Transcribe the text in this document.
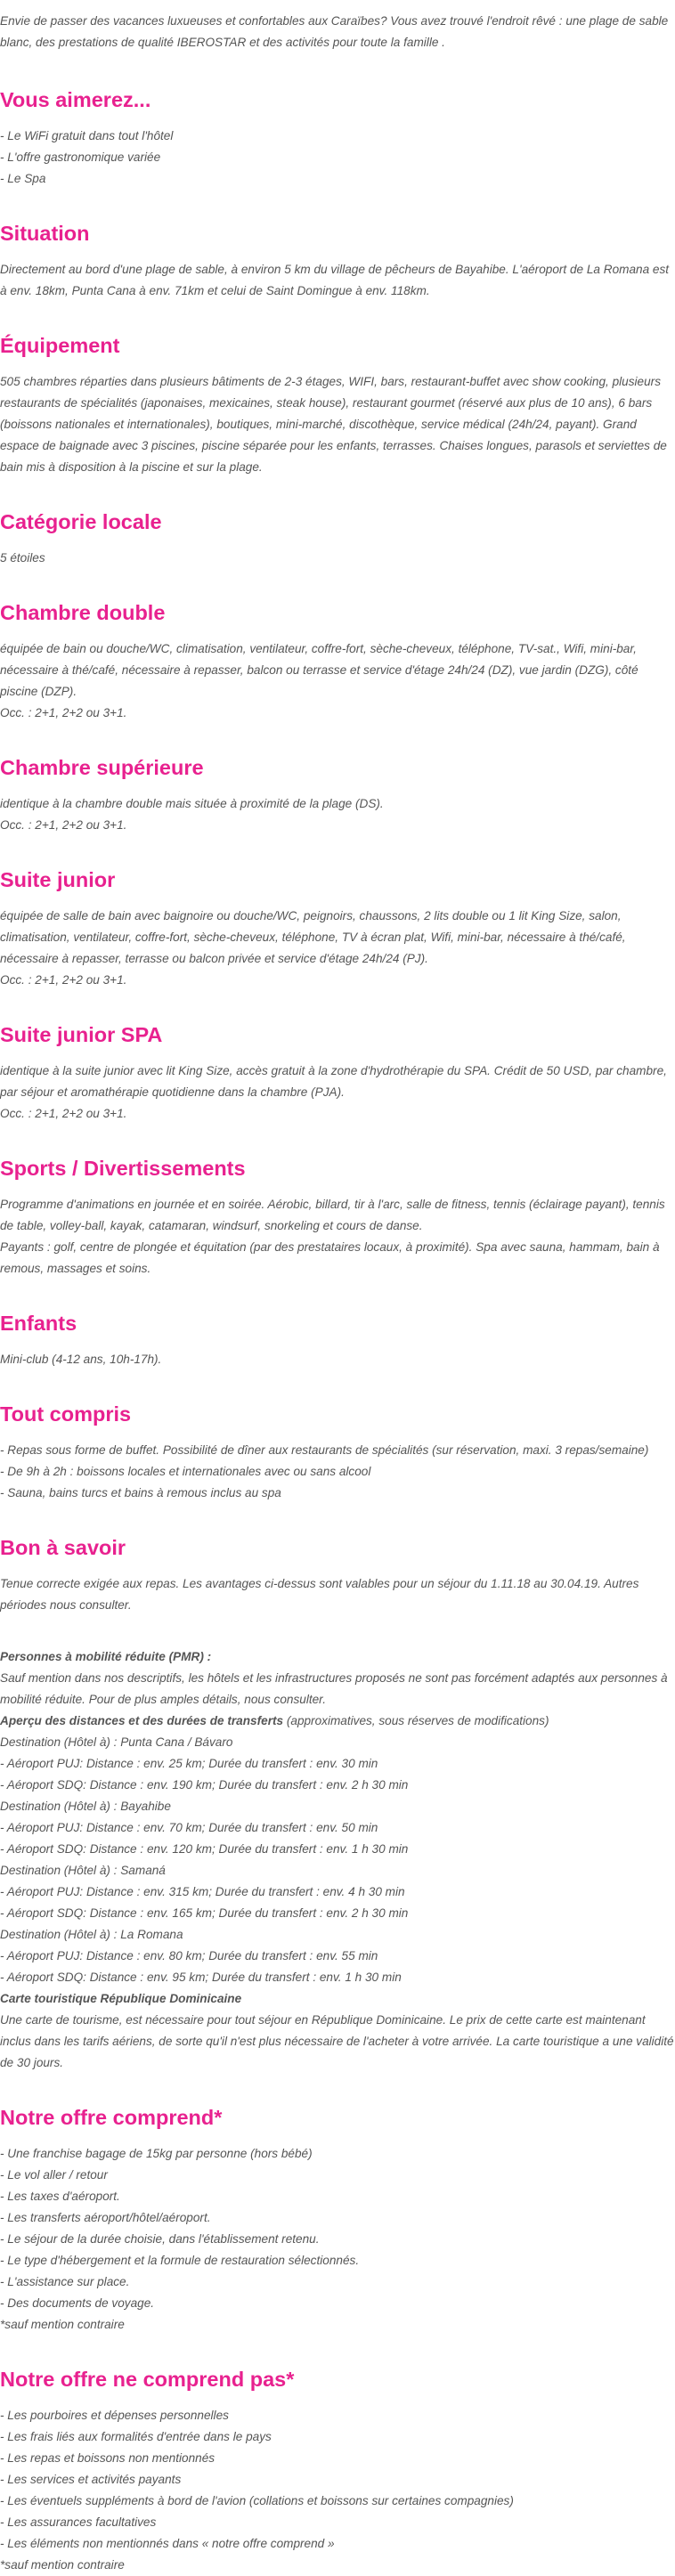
Envie de passer des vacances luxueuses et confortables aux Caraïbes? Vous avez trouvé l'endroit rêvé : une plage de sable blanc, des prestations de qualité IBEROSTAR et des activités pour toute la famille .

Vous aimerez...

- Le WiFi gratuit dans tout l'hôtel

- L'offre gastronomique variée

- Le Spa

Situation

Directement au bord d'une plage de sable, à environ 5 km du village de pêcheurs de Bayahibe. L'aéroport de La Romana est à env. 18km, Punta Cana à env. 71km et celui de Saint Domingue à env. 118km.

Équipement

505 chambres réparties dans plusieurs bâtiments de 2-3 étages, WIFI, bars, restaurant-buffet avec show cooking, plusieurs restaurants de spécialités (japonaises, mexicaines, steak house), restaurant gourmet (réservé aux plus de 10 ans), 6 bars (boissons nationales et internationales), boutiques, mini-marché, discothèque, service médical (24h/24, payant). Grand espace de baignade avec 3 piscines, piscine séparée pour les enfants, terrasses. Chaises longues, parasols et serviettes de bain mis à disposition à la piscine et sur la plage.

Catégorie locale

5 étoiles

Chambre double

équipée de bain ou douche/WC, climatisation, ventilateur, coffre-fort, sèche-cheveux, téléphone, TV-sat., Wifi, mini-bar, nécessaire à thé/café, nécessaire à repasser, balcon ou terrasse et service d'étage 24h/24 (DZ), vue jardin (DZG), côté piscine (DZP).

Occ. : 2+1, 2+2 ou 3+1.

Chambre supérieure

identique à la chambre double mais située à proximité de la plage (DS).

Occ. : 2+1, 2+2 ou 3+1.

Suite junior

équipée de salle de bain avec baignoire ou douche/WC, peignoirs, chaussons, 2 lits double ou 1 lit King Size, salon, climatisation, ventilateur, coffre-fort, sèche-cheveux, téléphone, TV à écran plat, Wifi, mini-bar, nécessaire à thé/café, nécessaire à repasser, terrasse ou balcon privée et service d'étage 24h/24 (PJ).

Occ. : 2+1, 2+2 ou 3+1.

Suite junior SPA

identique à la suite junior avec lit King Size, accès gratuit à la zone d'hydrothérapie du SPA. Crédit de 50 USD, par chambre, par séjour et aromathérapie quotidienne dans la chambre (PJA).

Occ. : 2+1, 2+2 ou 3+1.

Sports / Divertissements

Programme d'animations en journée et en soirée. Aérobic, billard, tir à l'arc, salle de fitness, tennis (éclairage payant), tennis de table, volley-ball, kayak, catamaran, windsurf, snorkeling et cours de danse.

Payants : golf, centre de plongée et équitation (par des prestataires locaux, à proximité). Spa avec sauna, hammam, bain à remous, massages et soins.

Enfants

Mini-club (4-12 ans, 10h-17h).

Tout compris

- Repas sous forme de buffet. Possibilité de dîner aux restaurants de spécialités (sur réservation, maxi. 3 repas/semaine)

- De 9h à 2h : boissons locales et internationales avec ou sans alcool

- Sauna, bains turcs et bains à remous inclus au spa

Bon à savoir

Tenue correcte exigée aux repas. Les avantages ci-dessus sont valables pour un séjour du 1.11.18 au 30.04.19. Autres périodes nous consulter.

Personnes à mobilité réduite (PMR) :

Sauf mention dans nos descriptifs, les hôtels et les infrastructures proposés ne sont pas forcément adaptés aux personnes à mobilité réduite. Pour de plus amples détails, nous consulter.

Aperçu des distances et des durées de transferts (approximatives, sous réserves de modifications)

Destination (Hôtel à) : Punta Cana / Bávaro

- Aéroport PUJ: Distance : env. 25 km; Durée du transfert : env. 30 min

- Aéroport SDQ: Distance : env. 190 km; Durée du transfert : env. 2 h 30 min

Destination (Hôtel à) : Bayahibe

- Aéroport PUJ: Distance : env. 70 km; Durée du transfert : env. 50 min

- Aéroport SDQ: Distance : env. 120 km; Durée du transfert : env. 1 h 30 min

Destination (Hôtel à) : Samaná

- Aéroport PUJ: Distance : env. 315 km; Durée du transfert : env. 4 h 30 min

- Aéroport SDQ: Distance : env. 165 km; Durée du transfert : env. 2 h 30 min

Destination (Hôtel à) : La Romana

- Aéroport PUJ: Distance : env. 80 km; Durée du transfert : env. 55 min

- Aéroport SDQ: Distance : env. 95 km; Durée du transfert : env. 1 h 30 min

Carte touristique République Dominicaine

Une carte de tourisme, est nécessaire pour tout séjour en République Dominicaine. Le prix de cette carte est maintenant inclus dans les tarifs aériens, de sorte qu'il n'est plus nécessaire de l'acheter à votre arrivée. La carte touristique a une validité de 30 jours.

Notre offre comprend*

- Une franchise bagage de 15kg par personne (hors bébé)

- Le vol aller / retour

- Les taxes d'aéroport.

- Les transferts aéroport/hôtel/aéroport.

- Le séjour de la durée choisie, dans l'établissement retenu.

- Le type d'hébergement et la formule de restauration sélectionnés.

- L'assistance sur place.

- Des documents de voyage.

*sauf mention contraire

Notre offre ne comprend pas*

- Les pourboires et dépenses personnelles

- Les frais liés aux formalités d'entrée dans le pays

- Les repas et boissons non mentionnés

- Les services et activités payants

- Les éventuels suppléments à bord de l'avion (collations et boissons sur certaines compagnies)

- Les assurances facultatives

- Les éléments non mentionnés dans « notre offre comprend »

*sauf mention contraire
